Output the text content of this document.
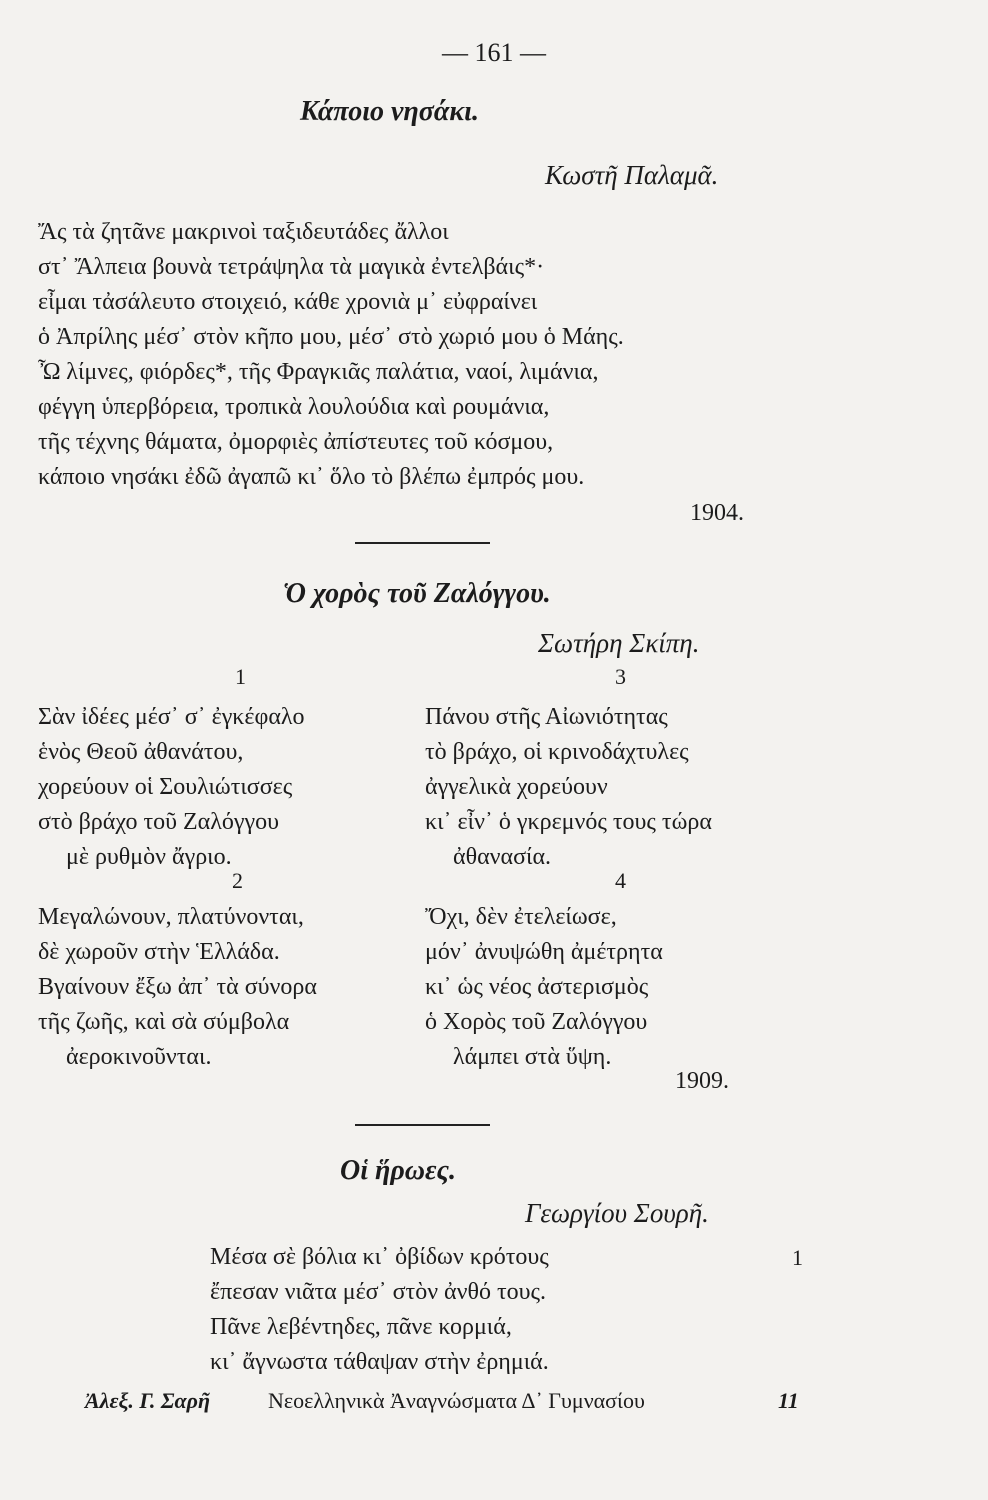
— 161 —
Κάποιο νησάκι.
Κωστῆ Παλαμᾶ.
Ἄς τὰ ζητᾶνε μακρινοὶ ταξιδευτάδες ἄλλοι
στ᾿ Ἄλπεια βουνὰ τετράψηλα τὰ μαγικὰ ἐντελβάις*·
εἶμαι τἀσάλευτο στοιχειό, κάθε χρονιὰ μ᾿ εὐφραίνει
ὁ Ἀπρίλης μέσ᾿ στὸν κῆπο μου, μέσ᾿ στὸ χωριό μου ὁ Μάης.
Ὦ λίμνες, φιόρδες*, τῆς Φραγκιᾶς παλάτια, ναοί, λιμάνια,
φέγγη ὑπερβόρεια, τροπικὰ λουλούδια καὶ ρουμάνια,
τῆς τέχνης θάματα, ὀμορφιὲς ἀπίστευτες τοῦ κόσμου,
κάποιο νησάκι ἐδῶ ἀγαπῶ κι᾿ ὅλο τὸ βλέπω ἐμπρός μου.
1904.
Ὁ χορὸς τοῦ Ζαλόγγου.
Σωτήρη Σκίπη.
1
Σὰν ἰδέες μέσ᾿ σ᾿ ἐγκέφαλο
ἑνὸς Θεοῦ ἀθανάτου,
χορεύουν οἱ Σουλιώτισσες
στὸ βράχο τοῦ Ζαλόγγου
μὲ ρυθμὸν ἄγριο.
2
Μεγαλώνουν, πλατύνονται,
δὲ χωροῦν στὴν Ἑλλάδα.
Βγαίνουν ἔξω ἀπ᾿ τὰ σύνορα
τῆς ζωῆς, καὶ σὰ σύμβολα
ἀεροκινοῦνται.
3
Πάνου στῆς Αἰωνιότητας
τὸ βράχο, οἱ κρινοδάχτυλες
ἀγγελικὰ χορεύουν
κι᾿ εἶν᾿ ὁ γκρεμνός τους τώρα
ἀθανασία.
4
Ὄχι, δὲν ἐτελείωσε,
μόν᾿ ἀνυψώθη ἀμέτρητα
κι᾿ ὡς νέος ἀστερισμὸς
ὁ Χορὸς τοῦ Ζαλόγγου
λάμπει στὰ ὕψη.
1909.
Οἱ ἥρωες.
Γεωργίου Σουρῆ.
1
Μέσα σὲ βόλια κι᾿ ὀβίδων κρότους
ἔπεσαν νιᾶτα μέσ᾿ στὸν ἀνθό τους.
Πᾶνε λεβέντηδες, πᾶνε κορμιά,
κι᾿ ἄγνωστα τάθαψαν στὴν ἐρημιά.
Ἀλεξ. Γ. Σαρῆ	Νεοελληνικὰ Ἀναγνώσματα Δ᾿ Γυμνασίου	11
